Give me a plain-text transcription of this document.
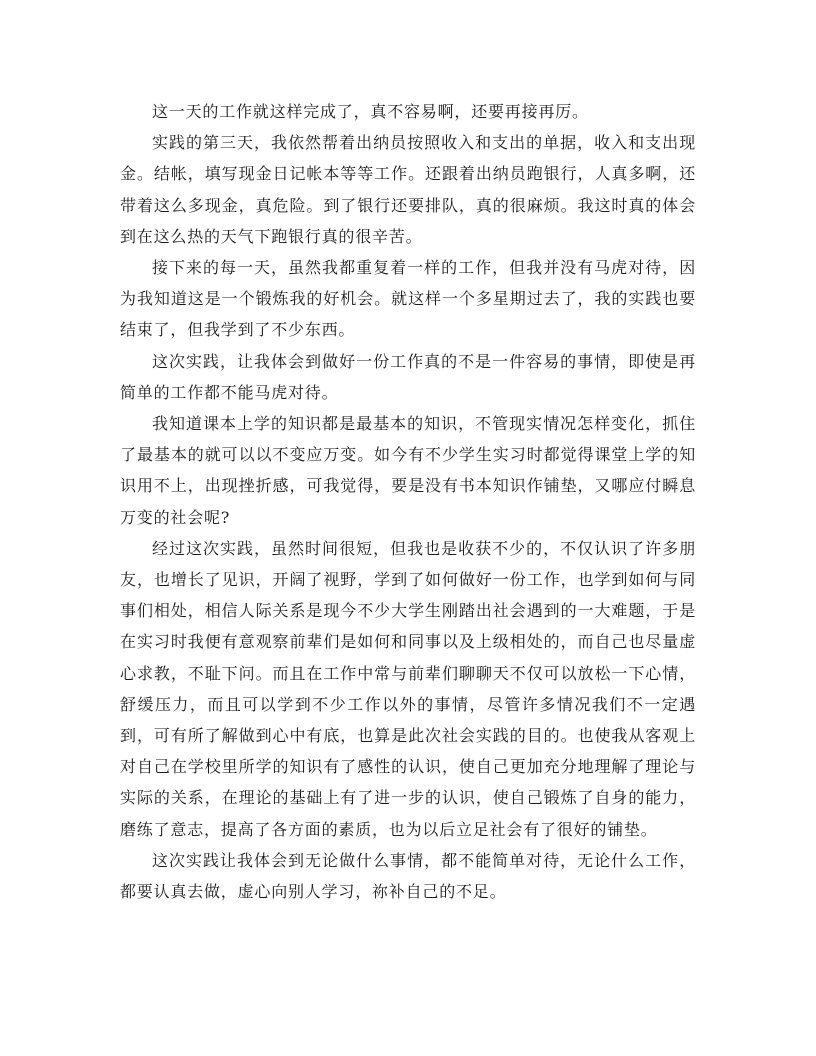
这一天的工作就这样完成了，真不容易啊，还要再接再厉。

实践的第三天，我依然帮着出纳员按照收入和支出的单据，收入和支出现金。结帐，填写现金日记帐本等等工作。还跟着出纳员跑银行，人真多啊，还带着这么多现金，真危险。到了银行还要排队，真的很麻烦。我这时真的体会到在这么热的天气下跑银行真的很辛苦。

接下来的每一天，虽然我都重复着一样的工作，但我并没有马虎对待，因为我知道这是一个锻炼我的好机会。就这样一个多星期过去了，我的实践也要结束了，但我学到了不少东西。

这次实践，让我体会到做好一份工作真的不是一件容易的事情，即使是再简单的工作都不能马虎对待。

我知道课本上学的知识都是最基本的知识，不管现实情况怎样变化，抓住了最基本的就可以以不变应万变。如今有不少学生实习时都觉得课堂上学的知识用不上，出现挫折感，可我觉得，要是没有书本知识作铺垫，又哪应付瞬息万变的社会呢?

经过这次实践，虽然时间很短，但我也是收获不少的，不仅认识了许多朋友，也增长了见识，开阔了视野，学到了如何做好一份工作，也学到如何与同事们相处，相信人际关系是现今不少大学生刚踏出社会遇到的一大难题，于是在实习时我便有意观察前辈们是如何和同事以及上级相处的，而自己也尽量虚心求教，不耻下问。而且在工作中常与前辈们聊聊天不仅可以放松一下心情，舒缓压力，而且可以学到不少工作以外的事情，尽管许多情况我们不一定遇到，可有所了解做到心中有底，也算是此次社会实践的目的。也使我从客观上对自己在学校里所学的知识有了感性的认识，使自己更加充分地理解了理论与实际的关系，在理论的基础上有了进一步的认识，使自己锻炼了自身的能力，磨练了意志，提高了各方面的素质，也为以后立足社会有了很好的铺垫。

这次实践让我体会到无论做什么事情，都不能简单对待，无论什么工作，都要认真去做，虚心向别人学习，祢补自己的不足。
